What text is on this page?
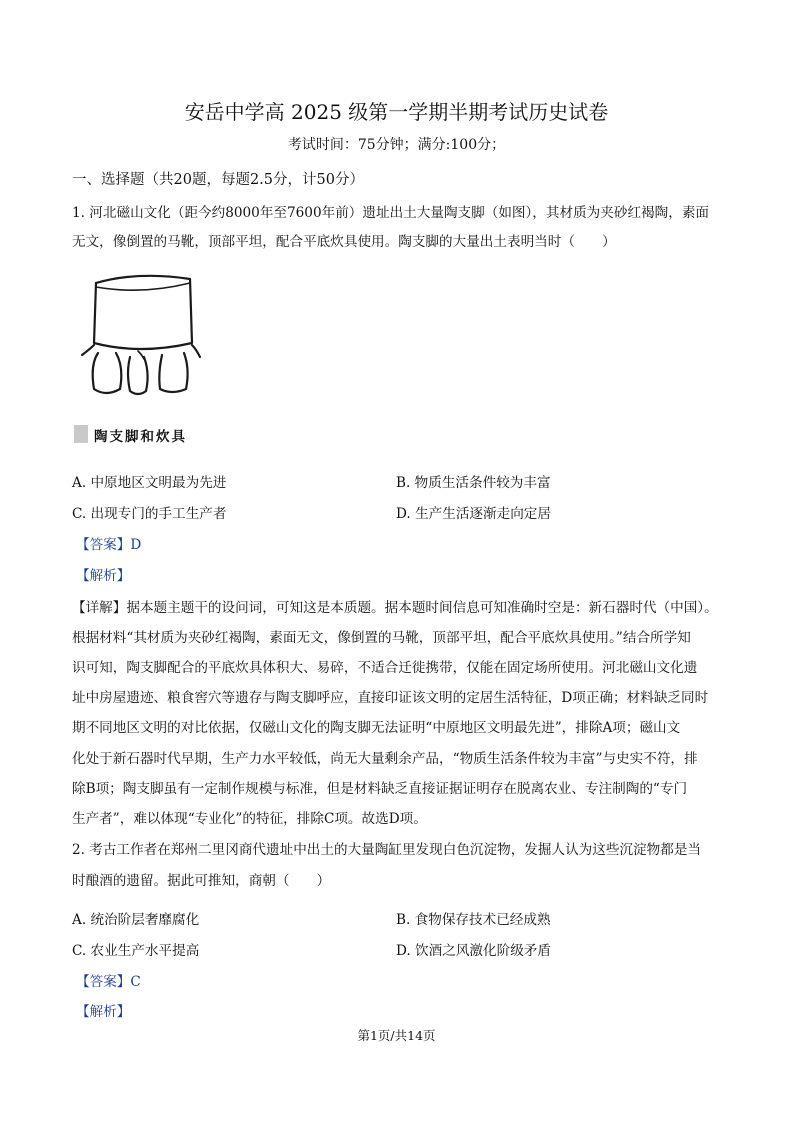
安岳中学高 2025 级第一学期半期考试历史试卷
考试时间：75分钟；满分:100分；
一、选择题（共20题，每题2.5分，计50分）
1. 河北磁山文化（距今约8000年至7600年前）遗址出土大量陶支脚（如图），其材质为夹砂红褐陶，素面
无文，像倒置的马靴，顶部平坦，配合平底炊具使用。陶支脚的大量出土表明当时（　　）
陶支脚和炊具
A. 中原地区文明最为先进	B. 物质生活条件较为丰富
C. 出现专门的手工生产者	D. 生产生活逐渐走向定居
【答案】D
【解析】
【详解】据本题主题干的设问词，可知这是本质题。据本题时间信息可知准确时空是：新石器时代（中国）。
根据材料“其材质为夹砂红褐陶，素面无文，像倒置的马靴，顶部平坦，配合平底炊具使用。”结合所学知
识可知，陶支脚配合的平底炊具体积大、易碎，不适合迁徙携带，仅能在固定场所使用。河北磁山文化遗
址中房屋遗迹、粮食窖穴等遗存与陶支脚呼应，直接印证该文明的定居生活特征，D项正确；材料缺乏同时
期不同地区文明的对比依据，仅磁山文化的陶支脚无法证明“中原地区文明最先进”，排除A项；磁山文
化处于新石器时代早期，生产力水平较低，尚无大量剩余产品，“物质生活条件较为丰富”与史实不符，排
除B项；陶支脚虽有一定制作规模与标准，但是材料缺乏直接证据证明存在脱离农业、专注制陶的“专门
生产者”，难以体现“专业化”的特征，排除C项。故选D项。
2. 考古工作者在郑州二里冈商代遗址中出土的大量陶缸里发现白色沉淀物，发掘人认为这些沉淀物都是当
时酿酒的遗留。据此可推知，商朝（　　）
A. 统治阶层奢靡腐化	B. 食物保存技术已经成熟
C. 农业生产水平提高	D. 饮酒之风激化阶级矛盾
【答案】C
【解析】
第1页/共14页
